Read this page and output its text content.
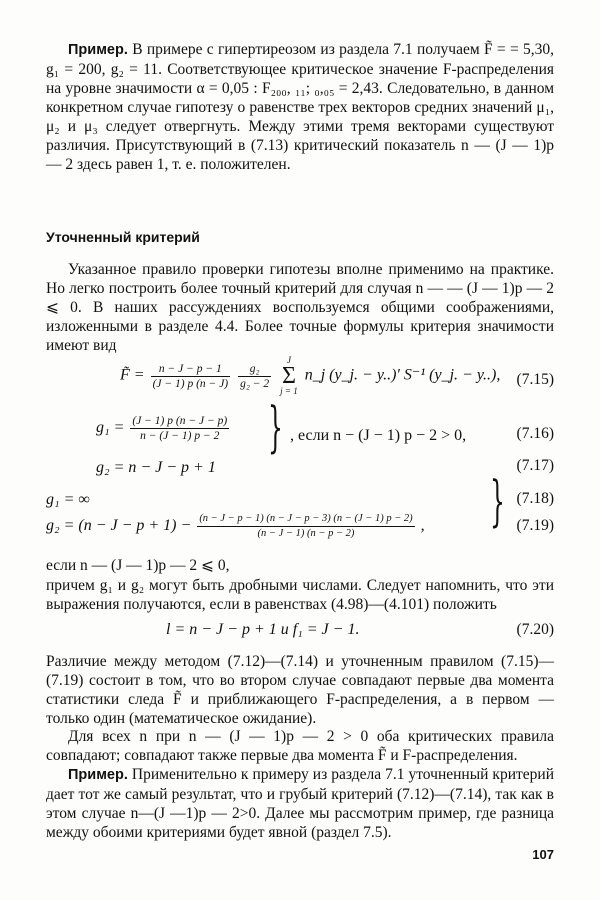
Пример. В примере с гипертиреозом из раздела 7.1 получаем F̃ = = 5,30, g₁ = 200, g₂ = 11. Соответствующее критическое значение F-распределения на уровне значимости α = 0,05 : F₂₀₀, ₁₁; ₀,₀₅ = 2,43. Следовательно, в данном конкретном случае гипотезу о равенстве трех векторов средних значений μ₁, μ₂ и μ₃ следует отвергнуть. Между этими тремя векторами существуют различия. Присутствующий в (7.13) критический показатель n — (J — 1)p — 2 здесь равен 1, т. е. положителен.
Уточненный критерий
Указанное правило проверки гипотезы вполне применимо на практике. Но легко построить более точный критерий для случая n — — (J — 1)p — 2 ⩽ 0. В наших рассуждениях воспользуемся общими соображениями, изложенными в разделе 4.4. Более точные формулы критерия значимости имеют вид
F̃ = $\frac{n - J - p - 1}{(J - 1) p (n - J)}$
$\frac{\text{g₂}}{\text{g₂ − 2}}$
J
Σ
j = 1 n_j (y_j. − y..)′ S⁻¹ (y_j. − y..), (7.15)
$g_1 = \frac{(J - 1) p (n - J - p)}{n - (J - 1) p - 2}$	, если n − (J − 1) p − 2 > 0,	(7.16)
g₂ = n − J − p + 1	(7.17)
}
g₁ = ∞	(7.18)
$g_2 = (n - J - p + 1) - \frac{(n - J - p - 1) (n - J - p - 3) (n - (J - 1) p - 2)}{(n - J - 1) (n - p - 2)}$ ,	(7.19)
}
если n — (J — 1)p — 2 ⩽ 0,
причем g₁ и g₂ могут быть дробными числами. Следует напомнить, что эти выражения получаются, если в равенствах (4.98)—(4.101) положить
l = n − J − p + 1 и f₁ = J − 1.	(7.20)
Различие между методом (7.12)—(7.14) и уточненным правилом (7.15)—(7.19) состоит в том, что во втором случае совпадают первые два момента статистики следа F̃ и приближающего F-распределения, а в первом — только один (математическое ожидание).
Для всех n при n — (J — 1)p — 2 > 0 оба критических правила совпадают; совпадают также первые два момента F̃ и F-распределения.
Пример. Применительно к примеру из раздела 7.1 уточненный критерий дает тот же самый результат, что и грубый критерий (7.12)—(7.14), так как в этом случае n—(J —1)p — 2>0. Далее мы рассмотрим пример, где разница между обоими критериями будет явной (раздел 7.5).
107
